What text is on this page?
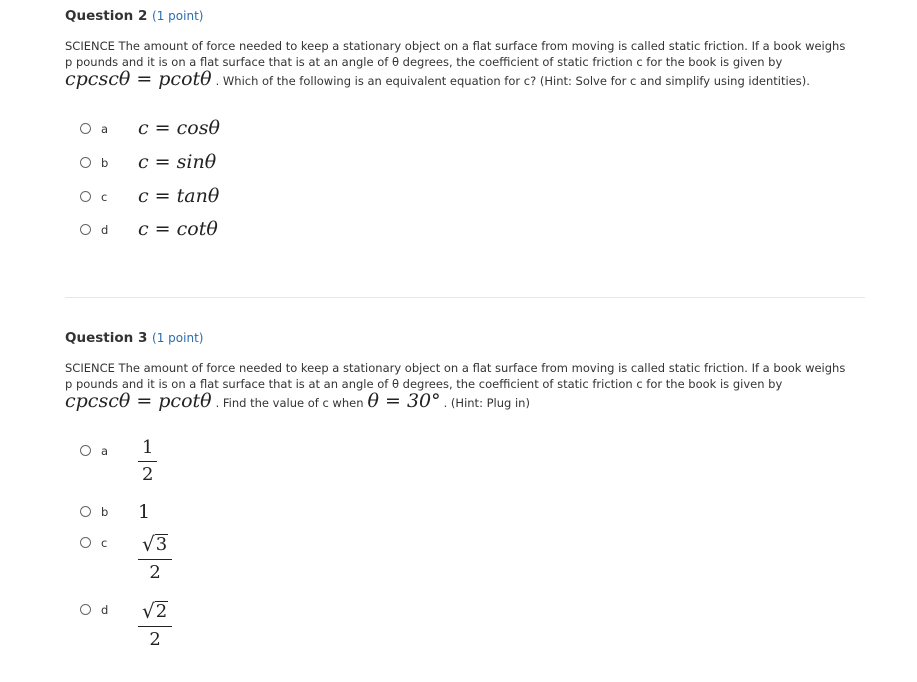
Question 2 (1 point)
SCIENCE The amount of force needed to keep a stationary object on a flat surface from moving is called static friction. If a book weighs p pounds and it is on a flat surface that is at an angle of θ degrees, the coefficient of static friction c for the book is given by
cpcscθ = pcotθ . Which of the following is an equivalent equation for c? (Hint: Solve for c and simplify using identities).
a	c = cosθ
b	c = sinθ
c	c = tanθ
d	c = cotθ
Question 3 (1 point)
SCIENCE The amount of force needed to keep a stationary object on a flat surface from moving is called static friction. If a book weighs p pounds and it is on a flat surface that is at an angle of θ degrees, the coefficient of static friction c for the book is given by
cpcscθ = pcotθ . Find the value of c when θ = 30° . (Hint: Plug in)
a	$\frac{1}{2}$
b	1
c	$\frac{√ 3}{2}$
d	$\frac{√ 2}{2}$
